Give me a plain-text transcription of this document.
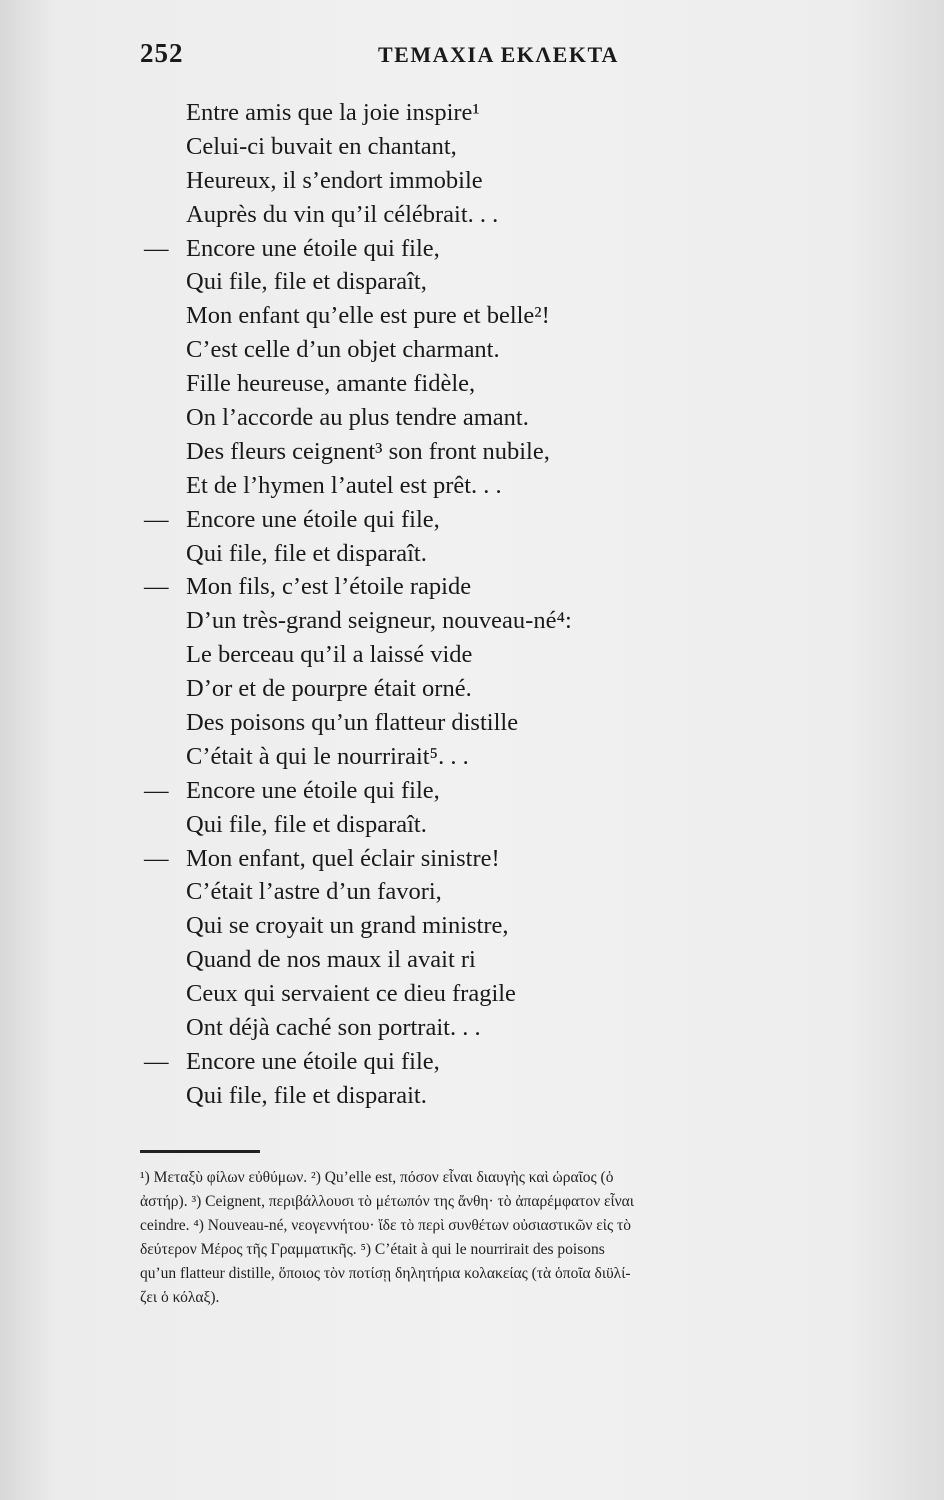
252	ΤΕΜΑΧΙΑ ΕΚΛΕΚΤΑ
Entre amis que la joie inspire¹
Celui-ci buvait en chantant,
Heureux, il s’endort immobile
Auprès du vin qu’il célébrait. . .
— Encore une étoile qui file,
Qui file, file et disparaît,
Mon enfant qu’elle est pure et belle²!
C’est celle d’un objet charmant.
Fille heureuse, amante fidèle,
On l’accorde au plus tendre amant.
Des fleurs ceignent³ son front nubile,
Et de l’hymen l’autel est prêt. . .
— Encore une étoile qui file,
Qui file, file et disparaît.
— Mon fils, c’est l’étoile rapide
D’un très-grand seigneur, nouveau-né⁴:
Le berceau qu’il a laissé vide
D’or et de pourpre était orné.
Des poisons qu’un flatteur distille
C’était à qui le nourrirait⁵. . .
— Encore une étoile qui file,
Qui file, file et disparaît.
— Mon enfant, quel éclair sinistre!
C’était l’astre d’un favori,
Qui se croyait un grand ministre,
Quand de nos maux il avait ri
Ceux qui servaient ce dieu fragile
Ont déjà caché son portrait. . .
— Encore une étoile qui file,
Qui file, file et disparait.
¹) Μεταξὺ φίλων εὐθύμων. ²) Qu’elle est, πόσον εἶναι διαυγὴς καὶ ὡραῖος (ὁ
ἀστήρ). ³) Ceignent, περιβάλλουσι τὸ μέτωπόν της ἄνθη· τὸ ἀπαρέμφατον εἶναι
ceindre. ⁴) Nouveau-né, νεογεννήτου· ἴδε τὸ περὶ συνθέτων οὐσιαστικῶν εἰς τὸ
δεύτερον Μέρος τῆς Γραμματικῆς. ⁵) C’était à qui le nourrirait des poisons
qu’un flatteur distille, ὅποιος τὸν ποτίσῃ δηλητήρια κολακείας (τὰ ὁποῖα διϋλί-
ζει ὁ κόλαξ).
